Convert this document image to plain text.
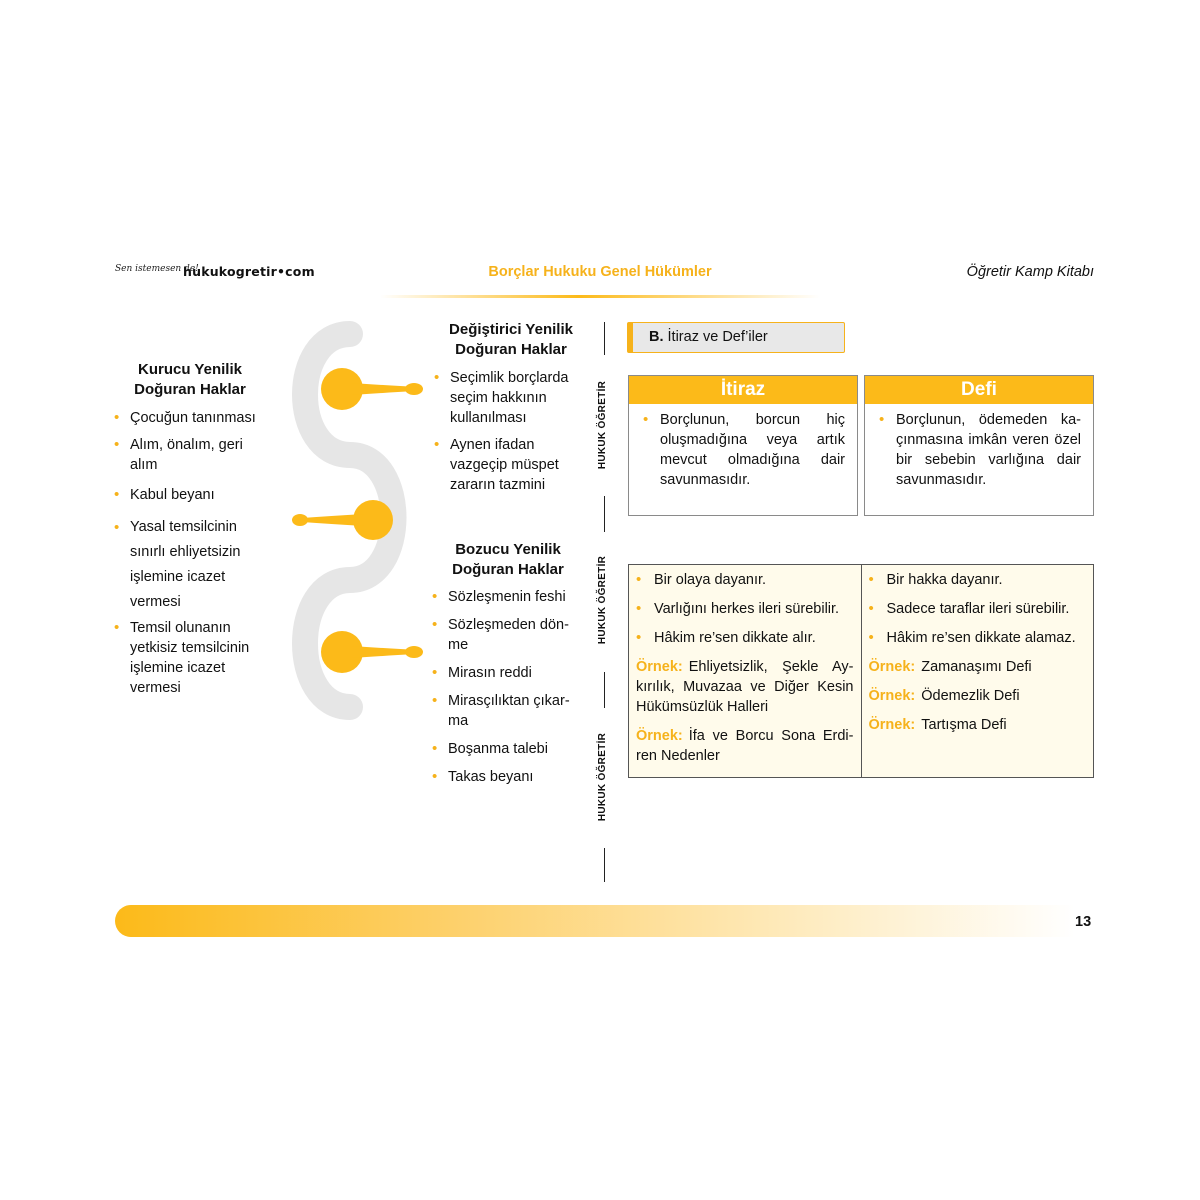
Sen istemesen de!
hukukogretir•com	Borçlar Hukuku Genel Hükümler	Öğretir Kamp Kitabı
Kurucu Yenilik Doğuran Haklar
• Çocuğun tanınması
• Alım, önalım, geri alım
• Kabul beyanı
• Yasal temsilcinin sınırlı ehliyetsizin işlemine icazet vermesi
• Temsil olunanın yetkisiz temsilcinin işlemine icazet vermesi
Değiştirici Yenilik Doğuran Haklar
• Seçimlik borçlarda seçim hakkının kullanılması
• Aynen ifadan vazgeçip müspet zararın tazmini
Bozucu Yenilik Doğuran Haklar
• Sözleşmenin feshi
• Sözleşmeden dön-me
• Mirasın reddi
• Mirasçılıktan çıkar-ma
• Boşanma talebi
• Takas beyanı
HUKUK ÖĞRETİR
HUKUK ÖĞRETİR
HUKUK ÖĞRETİR
B. İtiraz ve Def’iler
İtiraz
• Borçlunun, borcun hiç oluşmadığına veya artık mevcut olmadığına dair savunmasıdır.
Defi
• Borçlunun, ödemeden ka-çınmasına imkân veren özel bir sebebin varlığına dair savunmasıdır.
• Bir olaya dayanır.
• Varlığını herkes ileri sürebilir.
• Hâkim re’sen dikkate alır.

Örnek: Ehliyetsizlik, Şekle Ay-kırılık, Muvazaa ve Diğer Kesin Hükümsüzlük Halleri

Örnek: İfa ve Borcu Sona Erdi-ren Nedenler

• Bir hakka dayanır.
• Sadece taraflar ileri sürebilir.
• Hâkim re’sen dikkate alamaz.

Örnek: Zamanaşımı Defi

Örnek: Ödemezlik Defi

Örnek: Tartışma Defi

13
